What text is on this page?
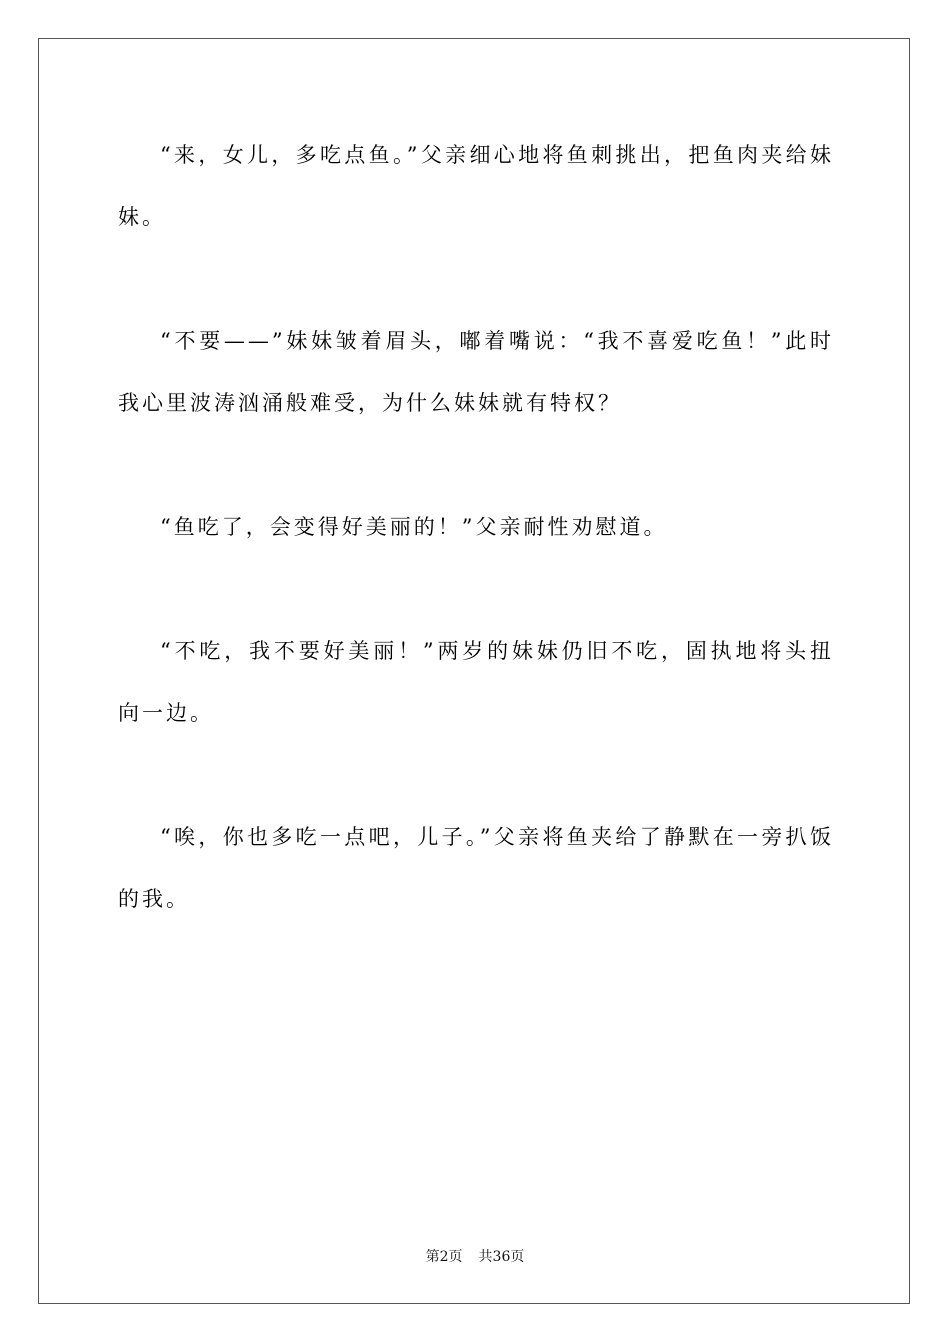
“来，女儿，多吃点鱼。”父亲细心地将鱼刺挑出，把鱼肉夹给妹妹。

“不要——”妹妹皱着眉头，嘟着嘴说：“我不喜爱吃鱼！”此时我心里波涛汹涌般难受，为什么妹妹就有特权？

“鱼吃了，会变得好美丽的！”父亲耐性劝慰道。

“不吃，我不要好美丽！”两岁的妹妹仍旧不吃，固执地将头扭向一边。

“唉，你也多吃一点吧，儿子。”父亲将鱼夹给了静默在一旁扒饭的我。

第2页 共36页
